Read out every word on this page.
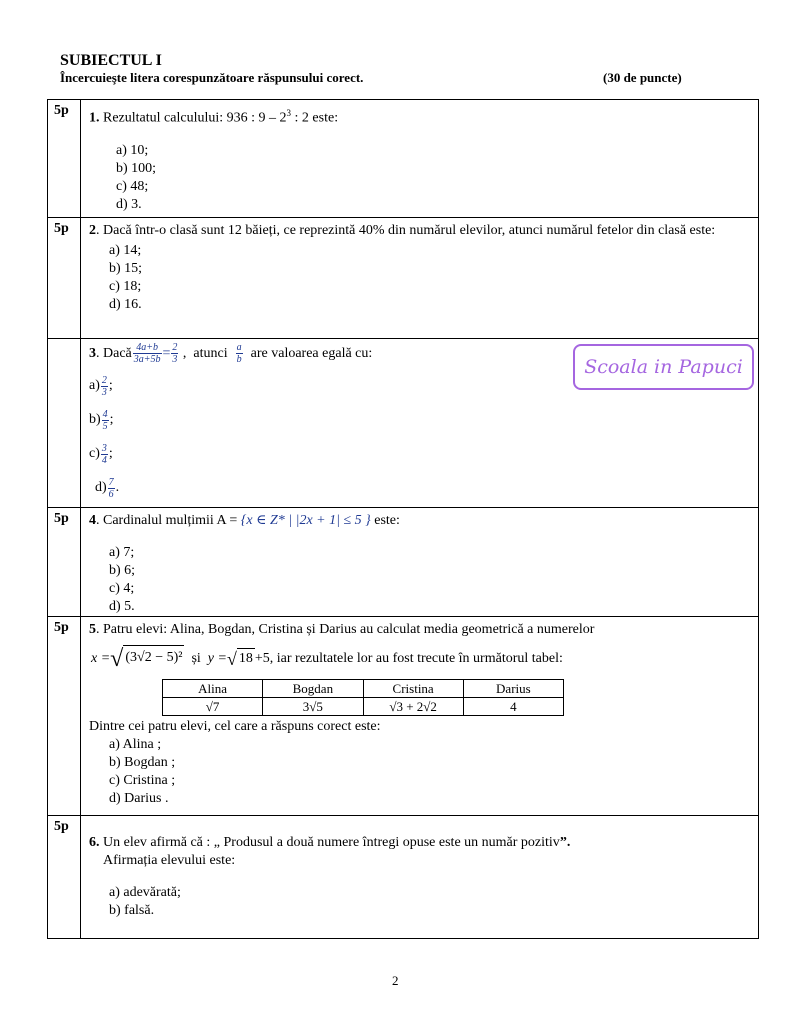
SUBIECTUL I
Încercuieşte litera corespunzătoare răspunsului corect.	(30 de puncte)
5p	
1. Rezultatul calculului: 936 : $9 - 2^3$ : 2 este:
a) 10;
b) 100;
c) 48;
d) 3.

5p	2. Dacă într-o clasă sunt 12 băieți, ce reprezintă 40% din numărul elevilor, atunci numărul fetelor din clasă este:
a) 14;
b) 15;
c) 18;
d) 16.

Scoala in Papuci
3 . Dacă $\frac{4a+b}{3a+5b} = \frac{2}{3}$ ,  atunci $\frac{a}{b}$ are valoarea egală cu:
$a) \frac{2}{3}$ ;
$b) \frac{4}{5}$ ;
$c) \frac{3}{4}$ ;
$d) \frac{7}{6}$ .

5p	4. Cardinalul mulțimii A = {x ∈ Z* | |2x + 1| ≤ 5 } este:
a) 7;
b) 6;
c) 4;
d) 5.

5p	5. Patru elevi: Alina, Bogdan, Cristina și Darius au calculat media geometrică a numerelor
x = √ (3√2 − 5)² și y = √ 18 +5 , iar rezultatele lor au fost trecute în următorul tabel:
Alina	Bogdan	Cristina	Darius
√7	3√5	√3 + 2√2	4
Dintre cei patru elevi, cel care a răspuns corect este:
a) Alina ;
b) Bogdan ;
c) Cristina ;
d) Darius .

5p	
6. Un elev afirmă că : „ Produsul a două numere întregi opuse este un număr pozitiv”.
Afirmația elevului este:
a) adevărată;
b) falsă.
2
